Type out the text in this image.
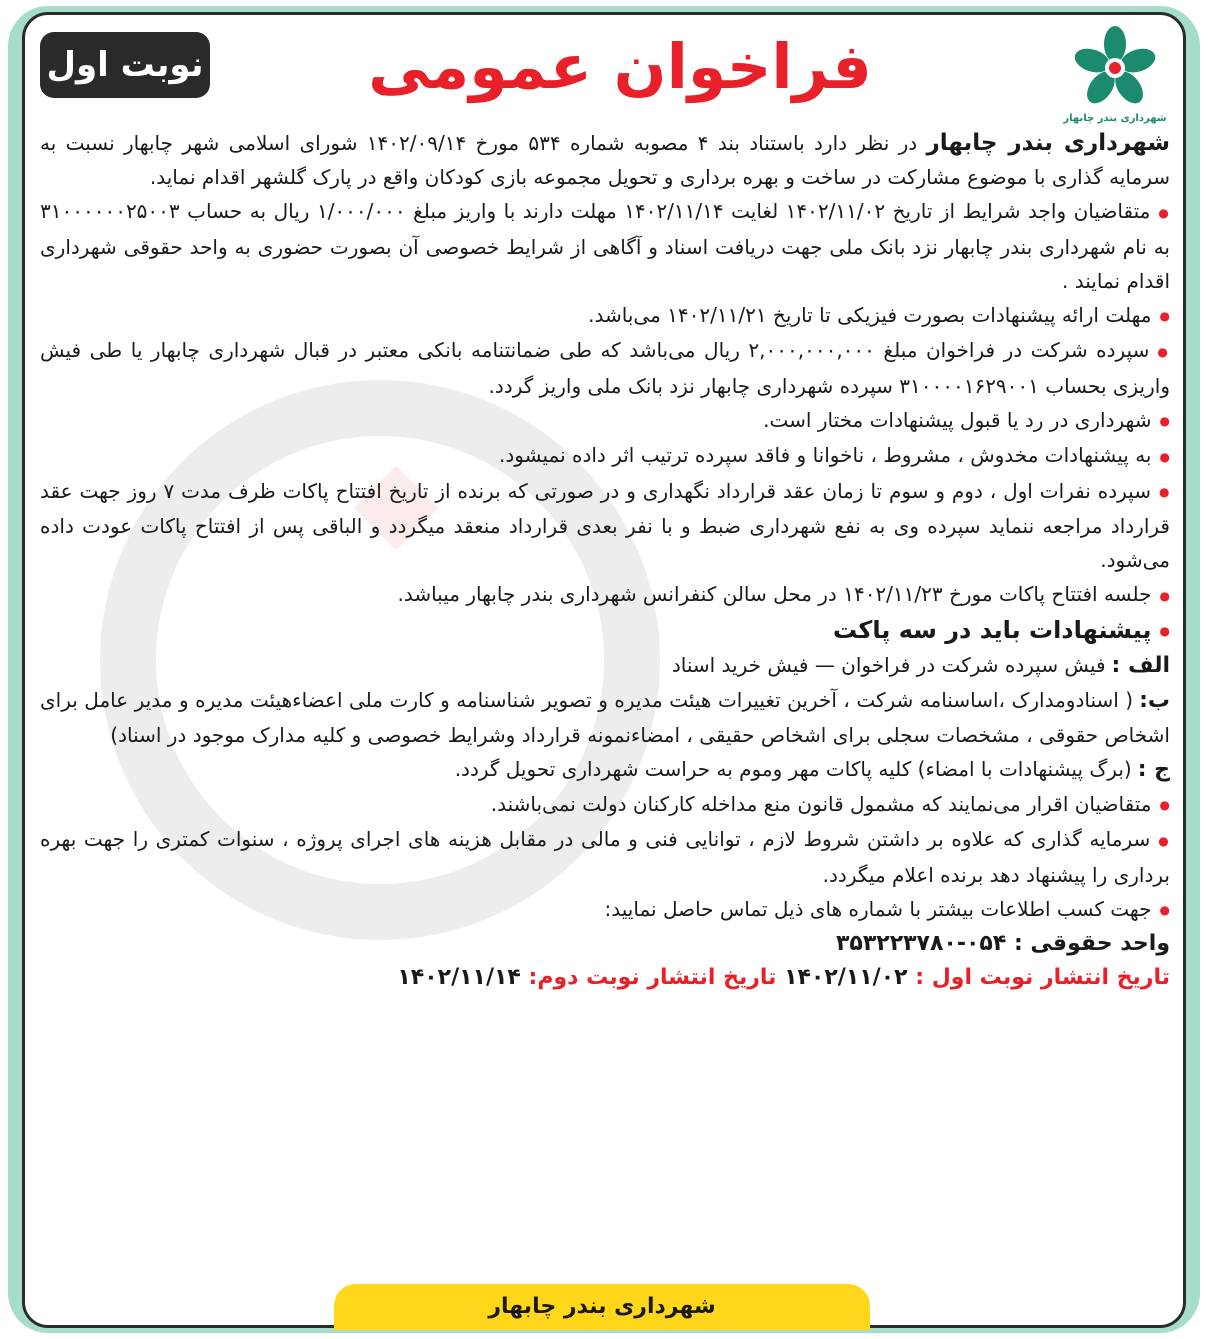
نوبت اول	فراخوان عمومی
شهرداری بندر چابهار

شهرداری بندر چابهار در نظر دارد باستناد بند ۴ مصوبه شماره ۵۳۴ مورخ ۱۴۰۲/۰۹/۱۴ شورای اسلامی شهر چابهار نسبت به سرمایه گذاری با موضوع مشارکت در ساخت و بهره برداری و تحویل مجموعه بازی کودکان واقع در پارک گلشهر اقدام نماید.

● متقاضیان واجد شرایط از تاریخ ۱۴۰۲/۱۱/۰۲ لغایت ۱۴۰۲/۱۱/۱۴ مهلت دارند با واریز مبلغ ۱/۰۰۰/۰۰۰ ریال به حساب ۳۱۰۰۰۰۰۰۲۵۰۰۳ به نام شهرداری بندر چابهار نزد بانک ملی جهت دریافت اسناد و آگاهی از شرایط خصوصی آن بصورت حضوری به واحد حقوقی شهرداری اقدام نمایند .

● مهلت ارائه پیشنهادات بصورت فیزیکی تا تاریخ ۱۴۰۲/۱۱/۲۱ می‌باشد.

● سپرده شرکت در فراخوان مبلغ ۲,۰۰۰,۰۰۰,۰۰۰ ریال می‌باشد که طی ضمانتنامه بانکی معتبر در قبال شهرداری چابهار یا طی فیش واریزی بحساب ۳۱۰۰۰۰۱۶۲۹۰۰۱ سپرده شهرداری چابهار نزد بانک ملی واریز گردد.

● شهرداری در رد یا قبول پیشنهادات مختار است.

● به پیشنهادات مخدوش ، مشروط ، ناخوانا و فاقد سپرده ترتیب اثر داده نمیشود.

● سپرده نفرات اول ، دوم و سوم تا زمان عقد قرارداد نگهداری و در صورتی که برنده از تاریخ افتتاح پاکات ظرف مدت ۷ روز جهت عقد قرارداد مراجعه ننماید سپرده وی به نفع شهرداری ضبط و با نفر بعدی قرارداد منعقد میگردد و الباقی پس از افتتاح پاکات عودت داده می‌شود.

● جلسه افتتاح پاکات مورخ ۱۴۰۲/۱۱/۲۳ در محل سالن کنفرانس شهرداری بندر چابهار میباشد.

● پیشنهادات باید در سه پاکت

الف :فیش سپرده شرکت در فراخوان — فیش خرید اسناد

ب:( اسنادومدارک ،اساسنامه شرکت ، آخرین تغییرات هیئت مدیره و تصویر شناسنامه و کارت ملی اعضاءهیئت مدیره و مدیر عامل برای اشخاص حقوقی ، مشخصات سجلی برای اشخاص حقیقی ، امضاءنمونه قرارداد وشرایط خصوصی و کلیه مدارک موجود در اسناد)

ج :(برگ پیشنهادات با امضاء) کلیه پاکات مهر وموم به حراست شهرداری تحویل گردد.

● متقاضیان اقرار می‌نمایند که مشمول قانون منع مداخله کارکنان دولت نمی‌باشند.

● سرمایه گذاری که علاوه بر داشتن شروط لازم ، توانایی فنی و مالی در مقابل هزینه های اجرای پروژه ، سنوات کمتری را جهت بهره برداری را پیشنهاد دهد برنده اعلام میگردد.

● جهت کسب اطلاعات بیشتر با شماره های ذیل تماس حاصل نمایید:

واحد حقوقی : ۰۵۴-۳۵۳۲۲۳۷۸۰

تاریخ انتشار نوبت اول : ۱۴۰۲/۱۱/۰۲ تاریخ انتشار نوبت دوم: ۱۴۰۲/۱۱/۱۴

شهرداری بندر چابهار
